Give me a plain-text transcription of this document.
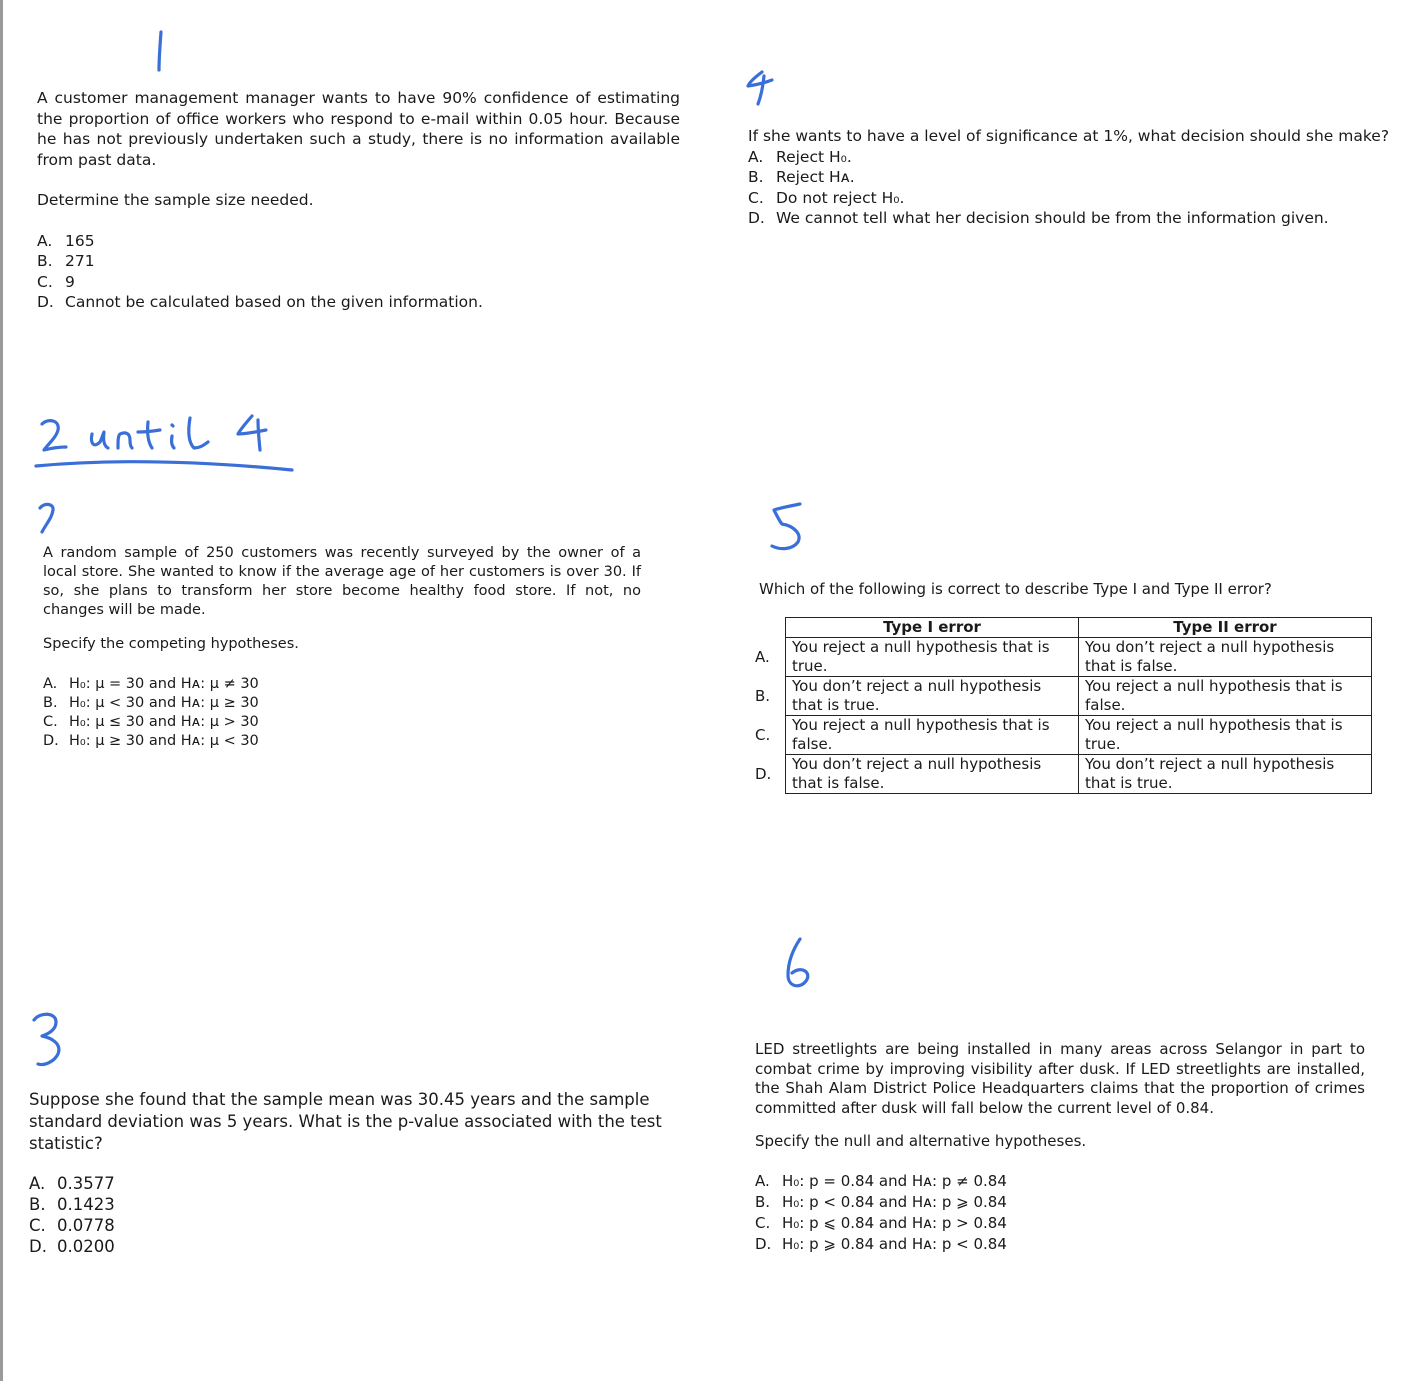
A customer management manager wants to have 90% confidence of estimating the proportion of office workers who respond to e-mail within 0.05 hour. Because he has not previously undertaken such a study, there is no information available from past data.

Determine the sample size needed.

A. 165
B. 271
C. 9
D. Cannot be calculated based on the given information.

If she wants to have a level of significance at 1%, what decision should she make?

A. Reject H₀.
B. Reject Hᴀ.
C. Do not reject H₀.
D. We cannot tell what her decision should be from the information given.

A random sample of 250 customers was recently surveyed by the owner of a local store. She wanted to know if the average age of her customers is over 30. If so, she plans to transform her store become healthy food store. If not, no changes will be made.

Specify the competing hypotheses.

A. H₀: μ = 30 and Hᴀ: μ ≠ 30
B. H₀: μ < 30 and Hᴀ: μ ≥ 30
C. H₀: μ ≤ 30 and Hᴀ: μ > 30
D. H₀: μ ≥ 30 and Hᴀ: μ < 30

Which of the following is correct to describe Type I and Type II error?

	Type I error	Type II error
A.	You reject a null hypothesis that is true.	You don’t reject a null hypothesis that is false.
B.	You don’t reject a null hypothesis that is true.	You reject a null hypothesis that is false.
C.	You reject a null hypothesis that is false.	You reject a null hypothesis that is true.
D.	You don’t reject a null hypothesis that is false.	You don’t reject a null hypothesis that is true.

LED streetlights are being installed in many areas across Selangor in part to combat crime by improving visibility after dusk. If LED streetlights are installed, the Shah Alam District Police Headquarters claims that the proportion of crimes committed after dusk will fall below the current level of 0.84.

Specify the null and alternative hypotheses.

A. H₀: p = 0.84 and Hᴀ: p ≠ 0.84
B. H₀: p < 0.84 and Hᴀ: p ⩾ 0.84
C. H₀: p ⩽ 0.84 and Hᴀ: p > 0.84
D. H₀: p ⩾ 0.84 and Hᴀ: p < 0.84

Suppose she found that the sample mean was 30.45 years and the sample standard deviation was 5 years. What is the p-value associated with the test statistic?

A. 0.3577
B. 0.1423
C. 0.0778
D. 0.0200
